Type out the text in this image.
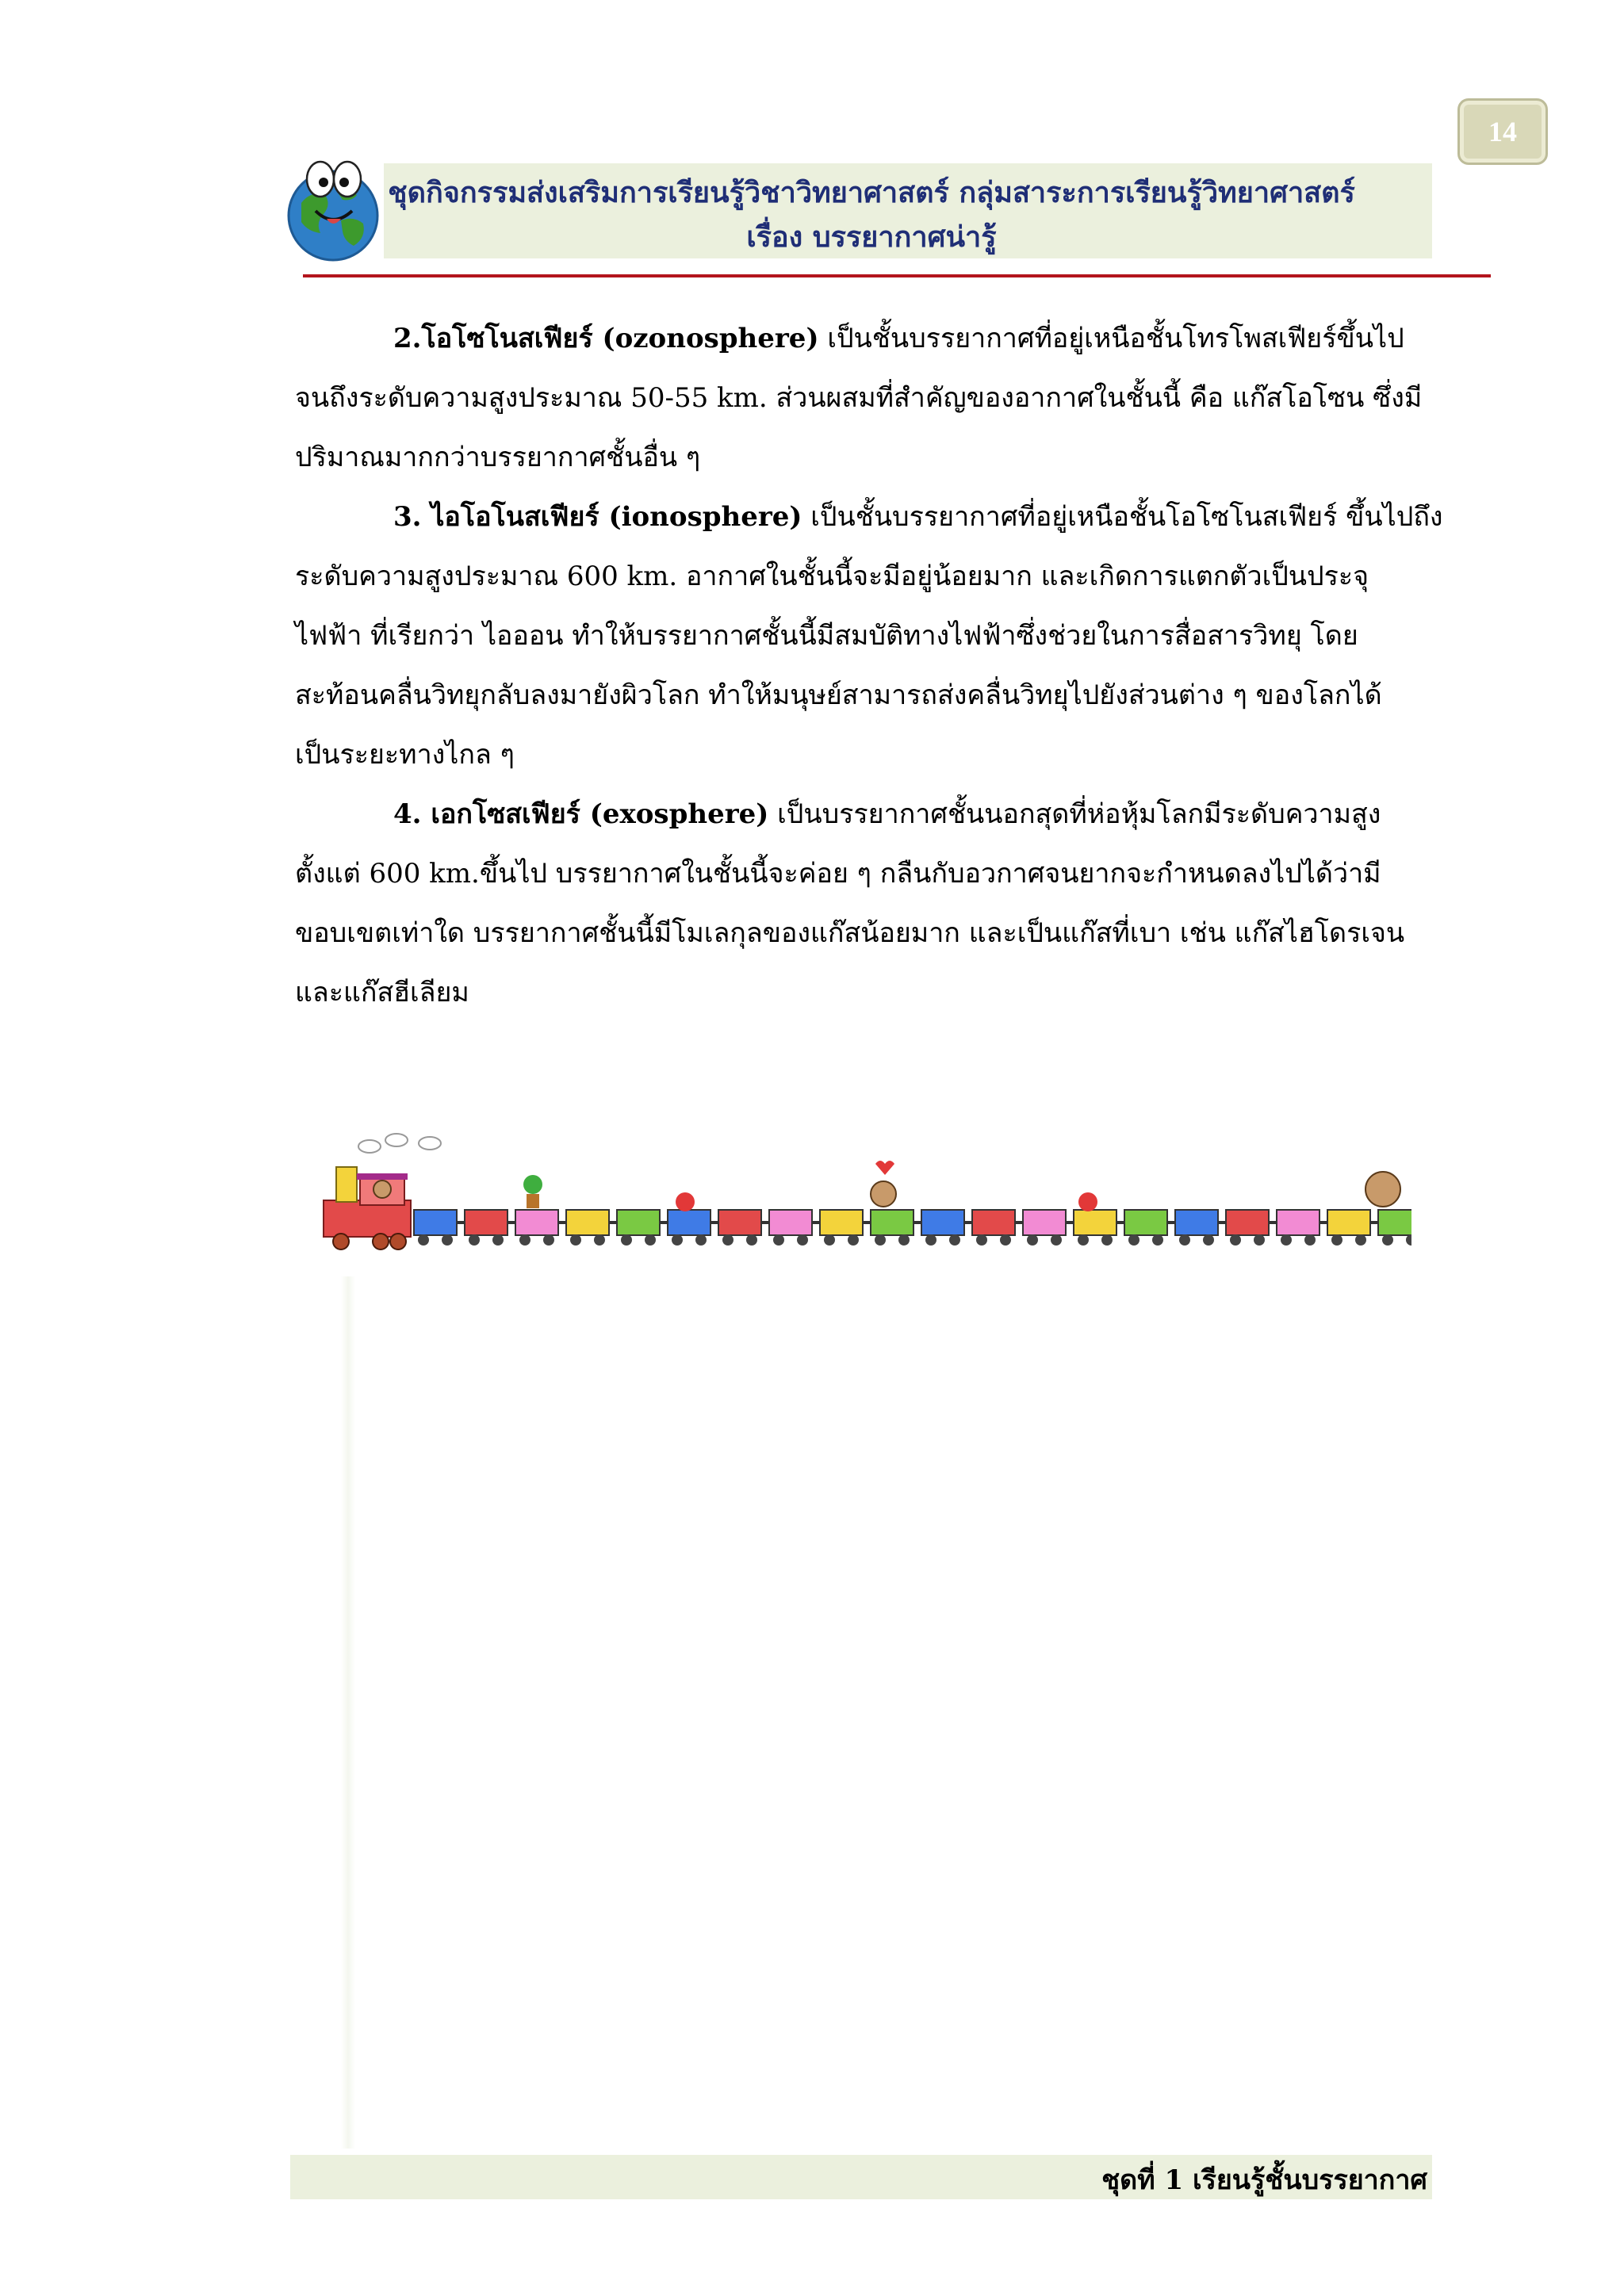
14
ชุดกิจกรรมส่งเสริมการเรียนรู้วิชาวิทยาศาสตร์ กลุ่มสาระการเรียนรู้วิทยาศาสตร์
เรื่อง บรรยากาศน่ารู้

2.โอโซโนสเฟียร์ (ozonosphere) เป็นชั้นบรรยากาศที่อยู่เหนือชั้นโทรโพสเฟียร์ขึ้นไป

จนถึงระดับความสูงประมาณ 50-55 km. ส่วนผสมที่สำคัญของอากาศในชั้นนี้ คือ แก๊สโอโซน ซึ่งมี

ปริมาณมากกว่าบรรยากาศชั้นอื่น ๆ

3. ไอโอโนสเฟียร์ (ionosphere) เป็นชั้นบรรยากาศที่อยู่เหนือชั้นโอโซโนสเฟียร์ ขึ้นไปถึง

ระดับความสูงประมาณ 600 km. อากาศในชั้นนี้จะมีอยู่น้อยมาก และเกิดการแตกตัวเป็นประจุ

ไฟฟ้า ที่เรียกว่า ไอออน ทำให้บรรยากาศชั้นนี้มีสมบัติทางไฟฟ้าซึ่งช่วยในการสื่อสารวิทยุ โดย

สะท้อนคลื่นวิทยุกลับลงมายังผิวโลก ทำให้มนุษย์สามารถส่งคลื่นวิทยุไปยังส่วนต่าง ๆ ของโลกได้

เป็นระยะทางไกล ๆ

4. เอกโซสเฟียร์ (exosphere) เป็นบรรยากาศชั้นนอกสุดที่ห่อหุ้มโลกมีระดับความสูง

ตั้งแต่ 600 km.ขึ้นไป บรรยากาศในชั้นนี้จะค่อย ๆ กลืนกับอวกาศจนยากจะกำหนดลงไปได้ว่ามี

ขอบเขตเท่าใด บรรยากาศชั้นนี้มีโมเลกุลของแก๊สน้อยมาก และเป็นแก๊สที่เบา เช่น แก๊สไฮโดรเจน

และแก๊สฮีเลียม

ชุดที่ 1 เรียนรู้ชั้นบรรยากาศ
